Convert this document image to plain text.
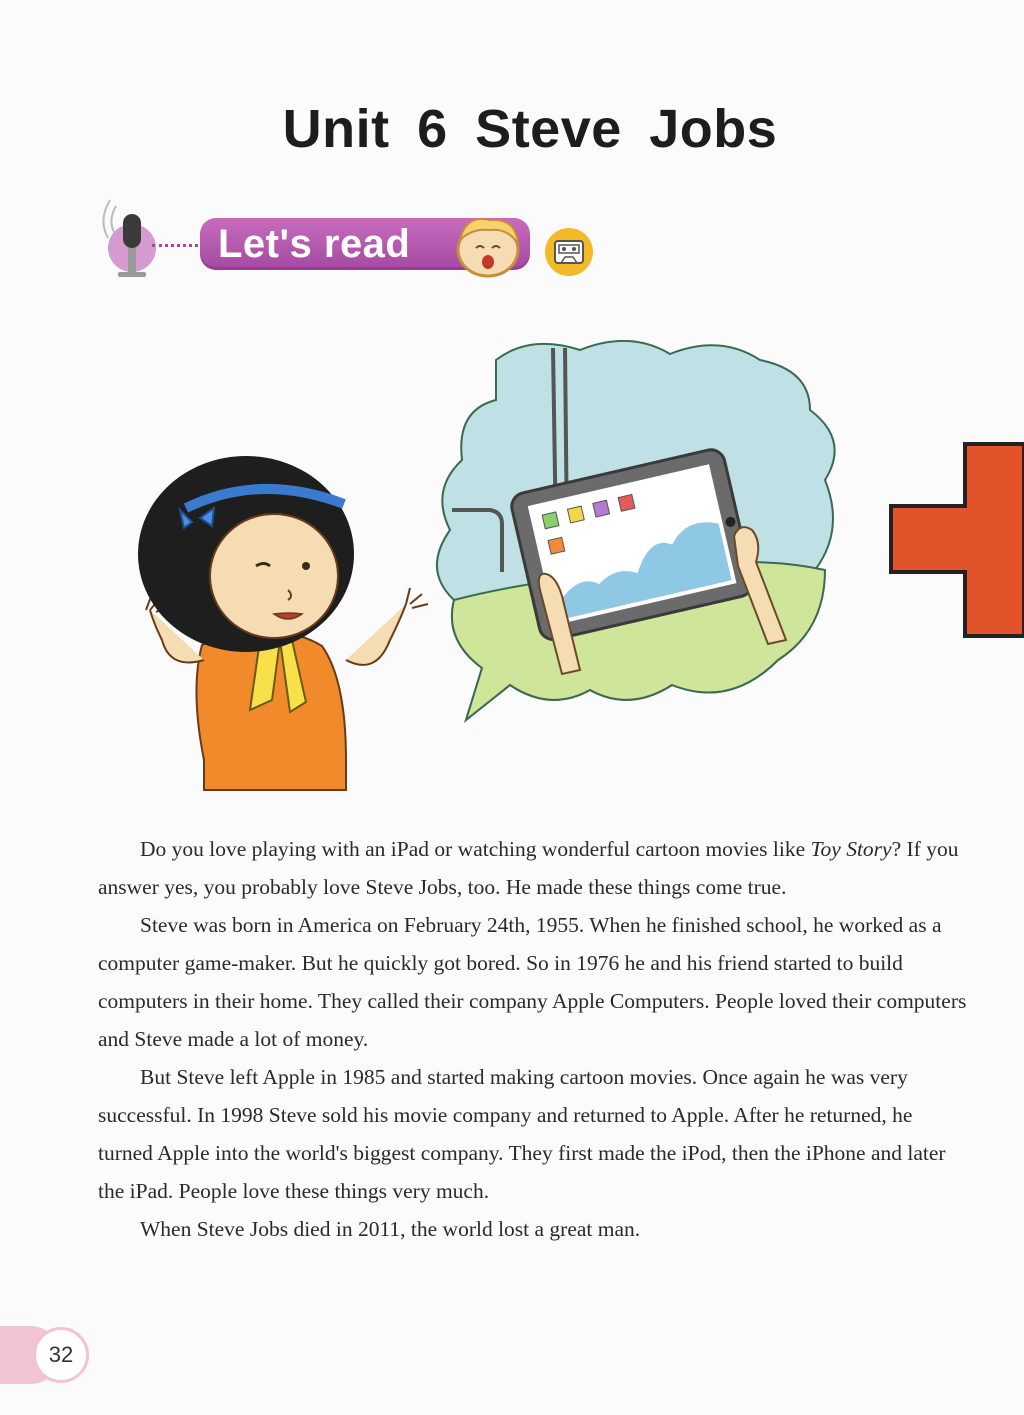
Unit 6 Steve Jobs
Let's read

Do you love playing with an iPad or watching wonderful cartoon movies like Toy Story? If you answer yes, you probably love Steve Jobs, too. He made these things come true.

Steve was born in America on February 24th, 1955. When he finished school, he worked as a computer game-maker. But he quickly got bored. So in 1976 he and his friend started to build computers in their home. They called their company Apple Computers. People loved their computers and Steve made a lot of money.

But Steve left Apple in 1985 and started making cartoon movies. Once again he was very successful. In 1998 Steve sold his movie company and returned to Apple. After he returned, he turned Apple into the world's biggest company. They first made the iPod, then the iPhone and later the iPad. People love these things very much.

When Steve Jobs died in 2011, the world lost a great man.

32
